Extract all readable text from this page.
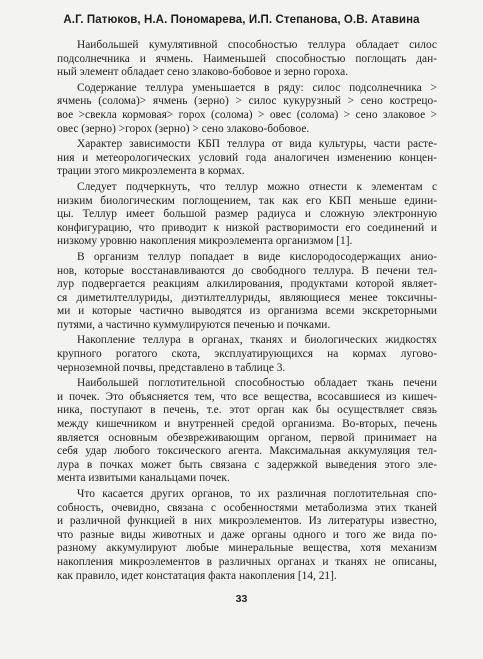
А.Г. Патюков, Н.А. Пономарева, И.П. Степанова, О.В. Атавина

Наибольшей кумулятивной способностью теллура обладает силос
подсолнечника и ячмень. Наименьшей способностью поглощать дан-
ный элемент обладает сено злаково-бобовое и зерно гороха.

Содержание теллура уменьшается в ряду: силос подсолнечника >
ячмень (солома)> ячмень (зерно) > силос кукурузный > сено кострецо-
вое >свекла кормовая> горох (солома) > овес (солома) > сено злаковое >
овес (зерно) >горох (зерно) > сено злаково-бобовое.

Характер зависимости КБП теллура от вида культуры, части расте-
ния и метеорологических условий года аналогичен изменению концен-
трации этого микроэлемента в кормах.

Следует подчеркнуть, что теллур можно отнести к элементам с
низким биологическим поглощением, так как его КБП меньше едини-
цы. Теллур имеет большой размер радиуса и сложную электронную
конфигурацию, что приводит к низкой растворимости его соединений и
низкому уровню накопления микроэлемента организмом [1].

В организм теллур попадает в виде кислородосодержащих анио-
нов, которые восстанавливаются до свободного теллура. В печени тел-
лур подвергается реакциям алкилирования, продуктами которой являет-
ся диметилтеллуриды, диэтилтеллуриды, являющиеся менее токсичны-
ми и которые частично выводятся из организма всеми экскреторными
путями, а частично куммулируются печенью и почками.

Накопление теллура в органах, тканях и биологических жидкостях
крупного рогатого скота, эксплуатирующихся на кормах лугово-
черноземной почвы, представлено в таблице 3.

Наибольшей поглотительной способностью обладает ткань печени
и почек. Это объясняется тем, что все вещества, всосавшиеся из кишеч-
ника, поступают в печень, т.е. этот орган как бы осуществляет связь
между кишечником и внутренней средой организма. Во-вторых, печень
является основным обезвреживающим органом, первой принимает на
себя удар любого токсического агента. Максимальная аккумуляция тел-
лура в почках может быть связана с задержкой выведения этого эле-
мента извитыми канальцами почек.

Что касается других органов, то их различная поглотительная спо-
собность, очевидно, связана с особенностями метаболизма этих тканей
и различной функцией в них микроэлементов. Из литературы известно,
что разные виды животных и даже органы одного и того же вида по-
разному аккумулируют любые минеральные вещества, хотя механизм
накопления микроэлементов в различных органах и тканях не описаны,
как правило, идет констатация факта накопления [14, 21].

33
